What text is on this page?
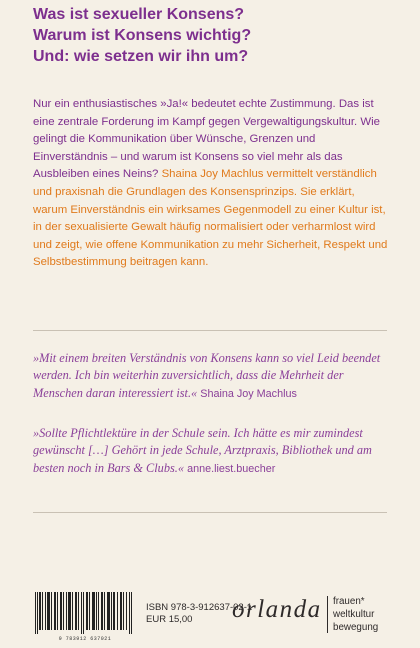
Was ist sexueller Konsens?
Warum ist Konsens wichtig?
Und: wie setzen wir ihn um?
Nur ein enthusiastisches »Ja!« bedeutet echte Zustimmung. Das ist eine zentrale Forderung im Kampf gegen Vergewaltigungskultur. Wie gelingt die Kommunikation über Wünsche, Grenzen und Einverständnis – und warum ist Konsens so viel mehr als das Ausbleiben eines Neins? Shaina Joy Machlus vermittelt verständlich und praxisnah die Grundlagen des Konsensprinzips. Sie erklärt, warum Einverständnis ein wirksames Gegenmodell zu einer Kultur ist, in der sexualisierte Gewalt häufig normalisiert oder verharmlost wird und zeigt, wie offene Kommunikation zu mehr Sicherheit, Respekt und Selbstbestimmung beitragen kann.
»Mit einem breiten Verständnis von Konsens kann so viel Leid beendet werden. Ich bin weiterhin zuversichtlich, dass die Mehrheit der Menschen daran interessiert ist.« Shaina Joy Machlus
»Sollte Pflichtlektüre in der Schule sein. Ich hätte es mir zumindest gewünscht […] Gehört in jede Schule, Arztpraxis, Bibliothek und am besten noch in Bars & Clubs.« anne.liest.buecher
9 783912 637021
ISBN 978-3-912637-02-1
EUR 15,00	orlanda frauen*
weltkultur
bewegung
